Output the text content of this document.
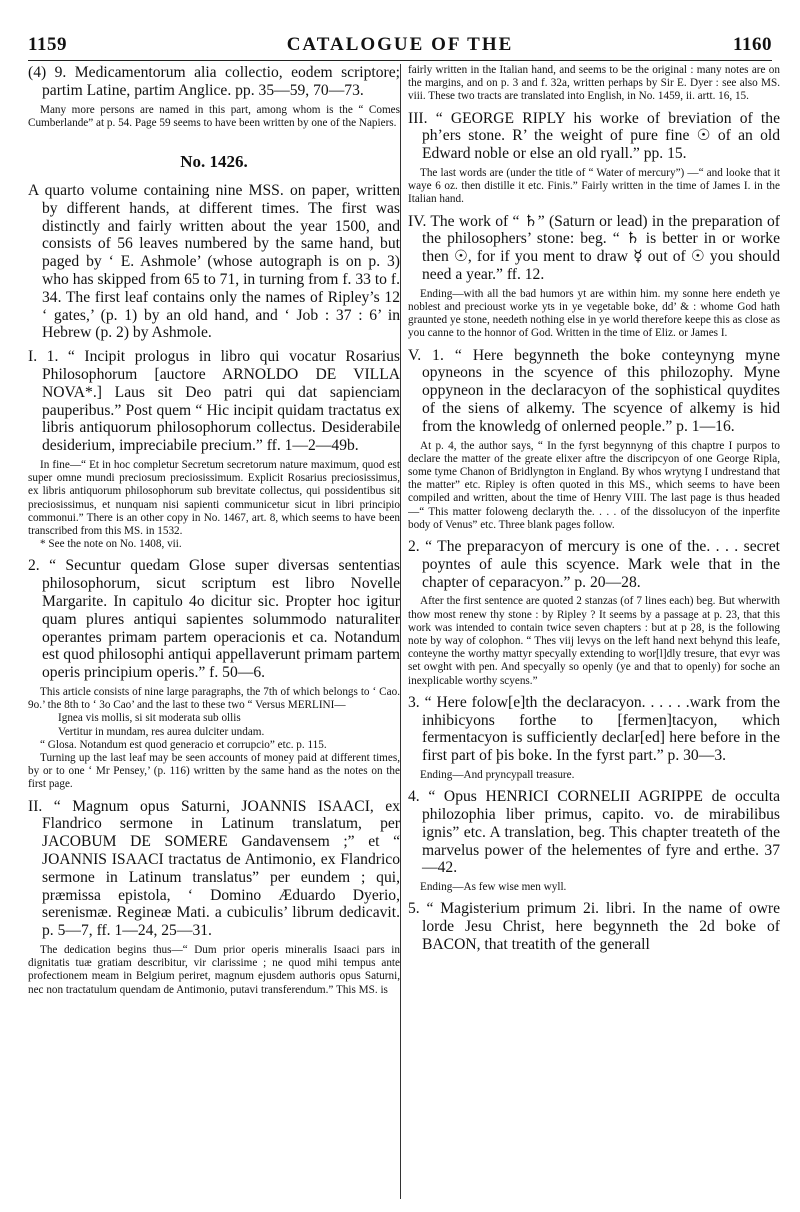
1159	CATALOGUE OF THE	1160

(4) 9. Medicamentorum alia collectio, eodem scriptore; partim Latine, partim Anglice. pp. 35—59, 70—73.

Many more persons are named in this part, among whom is the “ Comes Cumberlande” at p. 54. Page 59 seems to have been written by one of the Napiers.

No. 1426.

A quarto volume containing nine MSS. on paper, written by different hands, at different times. The first was distinctly and fairly written about the year 1500, and consists of 56 leaves numbered by the same hand, but paged by ‘ E. Ashmole’ (whose autograph is on p. 3) who has skipped from 65 to 71, in turning from f. 33 to f. 34. The first leaf contains only the names of Ripley’s 12 ‘ gates,’ (p. 1) by an old hand, and ‘ Job : 37 : 6’ in Hebrew (p. 2) by Ashmole.

I. 1. “ Incipit prologus in libro qui vocatur Rosarius Philosophorum [auctore ARNOLDO DE VILLA NOVA*.] Laus sit Deo patri qui dat sapienciam pauperibus.” Post quem “ Hic incipit quidam tractatus ex libris antiquorum philosophorum collectus. Desiderabile desiderium, impreciabile precium.” ff. 1—2—49b.

In fine—“ Et in hoc completur Secretum secretorum nature maximum, quod est super omne mundi preciosum preciosissimum. Explicit Rosarius preciosissimus, ex libris antiquorum philosophorum sub brevitate collectus, qui possidentibus sit preciosissimus, et nunquam nisi sapienti communicetur sicut in libri principio commonui.” There is an other copy in No. 1467, art. 8, which seems to have been transcribed from this MS. in 1532.

* See the note on No. 1408, vii.

2. “ Secuntur quedam Glose super diversas sententias philosophorum, sicut scriptum est libro Novelle Margarite. In capitulo 4o dicitur sic. Propter hoc igitur quam plures antiqui sapientes solummodo naturaliter operantes primam partem operacionis et ca. Notandum est quod philosophi antiqui appellaverunt primam partem operis principium operis.” f. 50—6.

This article consists of nine large paragraphs, the 7th of which belongs to ‘ Cao. 9o.’ the 8th to ‘ 3o Cao’ and the last to these two “ Versus MERLINI—

Ignea vis mollis, si sit moderata sub ollis

Vertitur in mundam, res aurea dulciter undam.

“ Glosa. Notandum est quod generacio et corrupcio” etc. p. 115.

Turning up the last leaf may be seen accounts of money paid at different times, by or to one ‘ Mr Pensey,’ (p. 116) written by the same hand as the notes on the first page.

II. “ Magnum opus Saturni, JOANNIS ISAACI, ex Flandrico sermone in Latinum translatum, per JACOBUM DE SOMERE Gandavensem ;” et “ JOANNIS ISAACI tractatus de Antimonio, ex Flandrico sermone in Latinum translatus” per eundem ; qui, præmissa epistola, ‘ Domino Æduardo Dyerio, serenismæ. Regineæ Mati. a cubiculis’ librum dedicavit. p. 5—7, ff. 1—24, 25—31.

The dedication begins thus—“ Dum prior operis mineralis Isaaci pars in dignitatis tuæ gratiam describitur, vir clarissime ; ne quod mihi tempus ante profectionem meam in Belgium periret, magnum ejusdem authoris opus Saturni, nec non tractatulum quendam de Antimonio, putavi transferendum.” This MS. is

fairly written in the Italian hand, and seems to be the original : many notes are on the margins, and on p. 3 and f. 32a, written perhaps by Sir E. Dyer : see also MS. viii. These two tracts are translated into English, in No. 1459, ii. artt. 16, 15.

III. “ GEORGE RIPLY his worke of breviation of the ph’ers stone. R’ the weight of pure fine ☉ of an old Edward noble or else an old ryall.” pp. 15.

The last words are (under the title of “ Water of mercury”) —“ and looke that it waye 6 oz. then distille it etc. Finis.” Fairly written in the time of James I. in the Italian hand.

IV. The work of “ ♄” (Saturn or lead) in the preparation of the philosophers’ stone: beg. “ ♄ is better in or worke then ☉, for if you ment to draw ☿ out of ☉ you should need a year.” ff. 12.

Ending—with all the bad humors yt are within him. my sonne here endeth ye noblest and precioust worke yts in ye vegetable boke, dd’ & : whome God hath graunted ye stone, needeth nothing else in ye world therefore keepe this as close as you canne to the honnor of God. Written in the time of Eliz. or James I.

V. 1. “ Here begynneth the boke conteynyng myne opyneons in the scyence of this philozophy. Myne oppyneon in the declaracyon of the sophistical quydites of the siens of alkemy. The scyence of alkemy is hid from the knowledg of onlerned people.” p. 1—16.

At p. 4, the author says, “ In the fyrst begynnyng of this chaptre I purpos to declare the matter of the greate elixer aftre the discripcyon of one George Ripla, some tyme Chanon of Bridlyngton in England. By whos wrytyng I undrestand that the matter” etc. Ripley is often quoted in this MS., which seems to have been compiled and written, about the time of Henry VIII. The last page is thus headed—“ This matter foloweng declaryth the. . . . of the dissolucyon of the inperfite body of Venus” etc. Three blank pages follow.

2. “ The preparacyon of mercury is one of the. . . . secret poyntes of aule this scyence. Mark wele that in the chapter of ceparacyon.” p. 20—28.

After the first sentence are quoted 2 stanzas (of 7 lines each) beg. But wherwith thow most renew thy stone : by Ripley ? It seems by a passage at p. 23, that this work was intended to contain twice seven chapters : but at p 28, is the following note by way of colophon. “ Thes viij levys on the left hand next behynd this leafe, conteyne the worthy mattyr specyally extending to wor[l]dly tresure, that evyr was set owght with pen. And specyally so openly (ye and that to openly) for soche an inexplicable worthy scyens.”

3. “ Here folow[e]th the declaracyon. . . . . .wark from the inhibicyons forthe to [fermen]tacyon, which fermentacyon is sufficiently declar[ed] here before in the first part of þis boke. In the fyrst part.” p. 30—3.

Ending—And pryncypall treasure.

4. “ Opus HENRICI CORNELII AGRIPPE de occulta philozophia liber primus, capito. vo. de mirabilibus ignis” etc. A translation, beg. This chapter treateth of the marvelus power of the helementes of fyre and erthe. 37—42.

Ending—As few wise men wyll.

5. “ Magisterium primum 2i. libri. In the name of owre lorde Jesu Christ, here begynneth the 2d boke of BACON, that treatith of the generall
